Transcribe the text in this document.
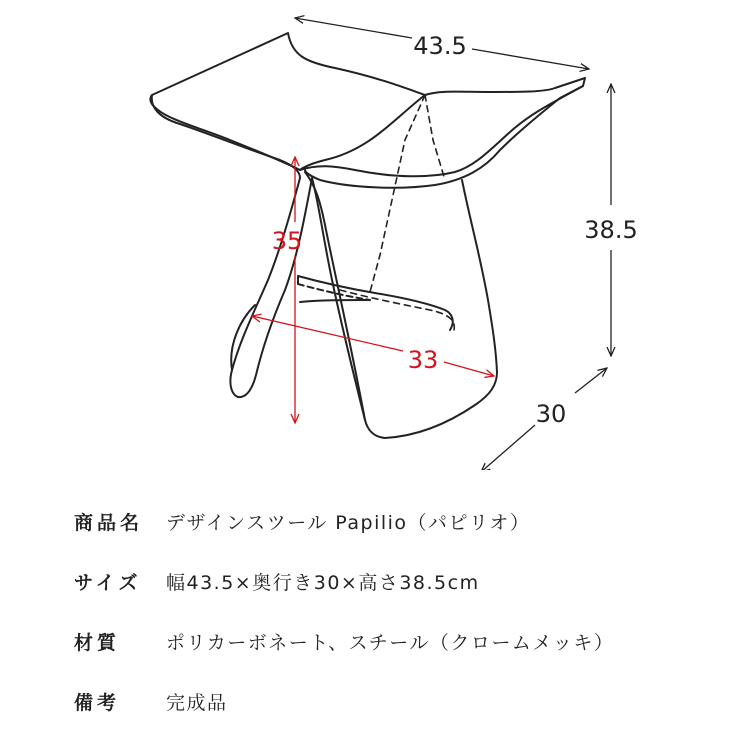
43.5
38.5
30
35
33
商品名 デザインスツール Papilio（パピリオ）
サイズ 幅43.5×奥行き30×高さ38.5cm
材質 ポリカーボネート、スチール（クロームメッキ）
備考 完成品
